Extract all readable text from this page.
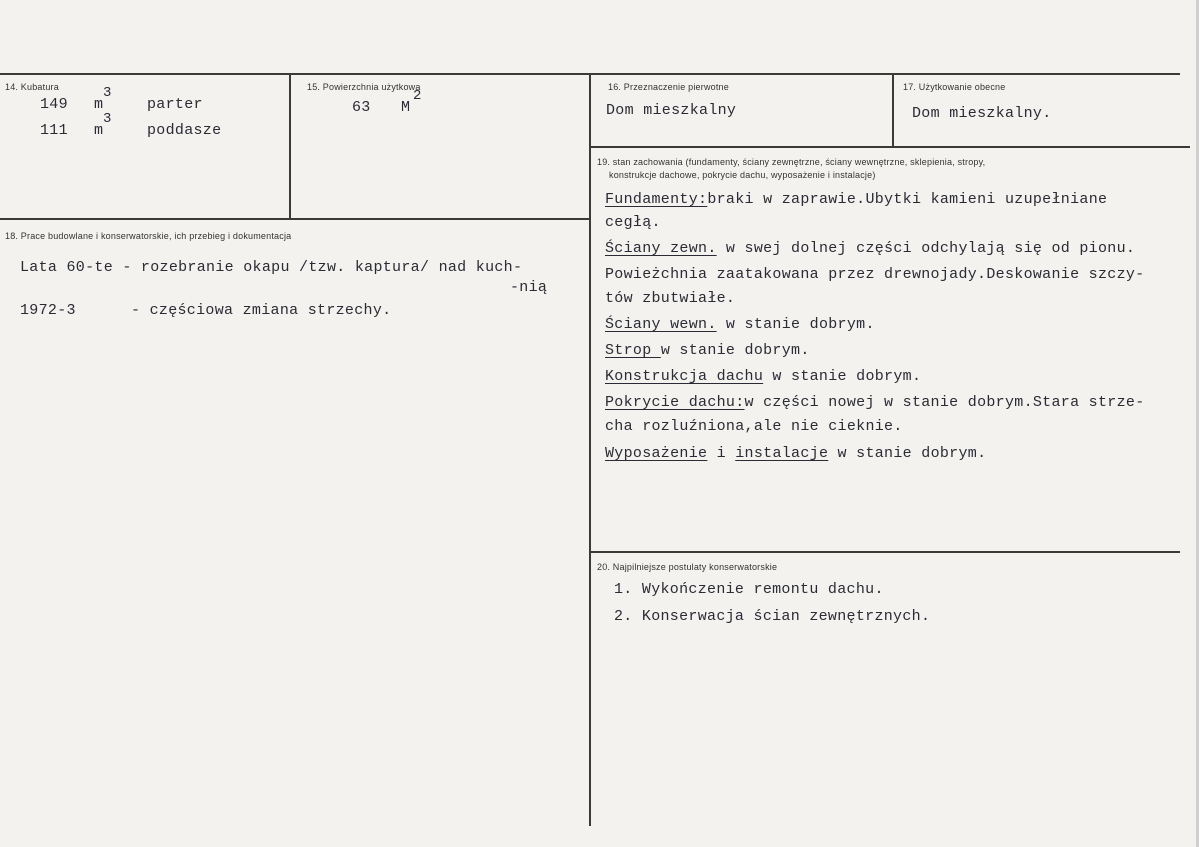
14. Kubatura
149 m
3
parter
111 m
3
poddasze
15. Powierzchnia użytkowa
63 M
2
16. Przeznaczenie pierwotne
Dom mieszkalny
17. Użytkowanie obecne
Dom mieszkalny.
18. Prace budowlane i konserwatorskie, ich przebieg i dokumentacja
Lata 60-te - rozebranie okapu /tzw. kaptura/ nad kuch-
-nią
1972-3	- częściowa zmiana strzechy.
19. stan zachowania (fundamenty, ściany zewnętrzne, ściany wewnętrzne, sklepienia, stropy,
konstrukcje dachowe, pokrycie dachu, wyposażenie i instalacje)
Fundamenty:braki w zaprawie.Ubytki kamieni uzupełniane
cegłą.
Ściany zewn. w swej dolnej części odchylają się od pionu.
Powieżchnia zaatakowana przez drewnojady.Deskowanie szczy-
tów zbutwiałe.
Ściany wewn. w stanie dobrym.
Strop w stanie dobrym.
Konstrukcja dachu w stanie dobrym.
Pokrycie dachu:w części nowej w stanie dobrym.Stara strze-
cha rozluźniona,ale nie cieknie.
Wyposażenie i instalacje w stanie dobrym.
20. Najpilniejsze postulaty konserwatorskie
1. Wykończenie remontu dachu.
2. Konserwacja ścian zewnętrznych.
